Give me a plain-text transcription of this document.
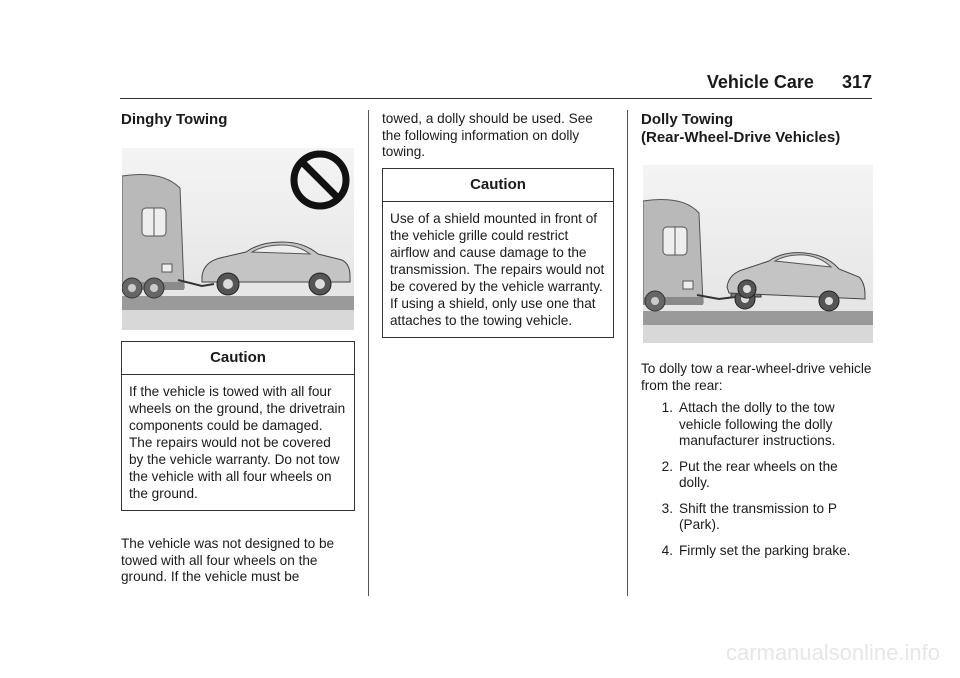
Vehicle Care 317
Dinghy Towing
Caution
If the vehicle is towed with all four wheels on the ground, the drivetrain components could be damaged. The repairs would not be covered by the vehicle warranty. Do not tow the vehicle with all four wheels on the ground.
The vehicle was not designed to be towed with all four wheels on the ground. If the vehicle must be
towed, a dolly should be used. See the following information on dolly towing.
Caution
Use of a shield mounted in front of the vehicle grille could restrict airflow and cause damage to the transmission. The repairs would not be covered by the vehicle warranty. If using a shield, only use one that attaches to the towing vehicle.
Dolly Towing
(Rear-Wheel-Drive Vehicles)
To dolly tow a rear-wheel-drive vehicle from the rear:
1. Attach the dolly to the tow vehicle following the dolly manufacturer instructions.
2. Put the rear wheels on the dolly.
3. Shift the transmission to P (Park).
4. Firmly set the parking brake.
carmanualsonline.info
